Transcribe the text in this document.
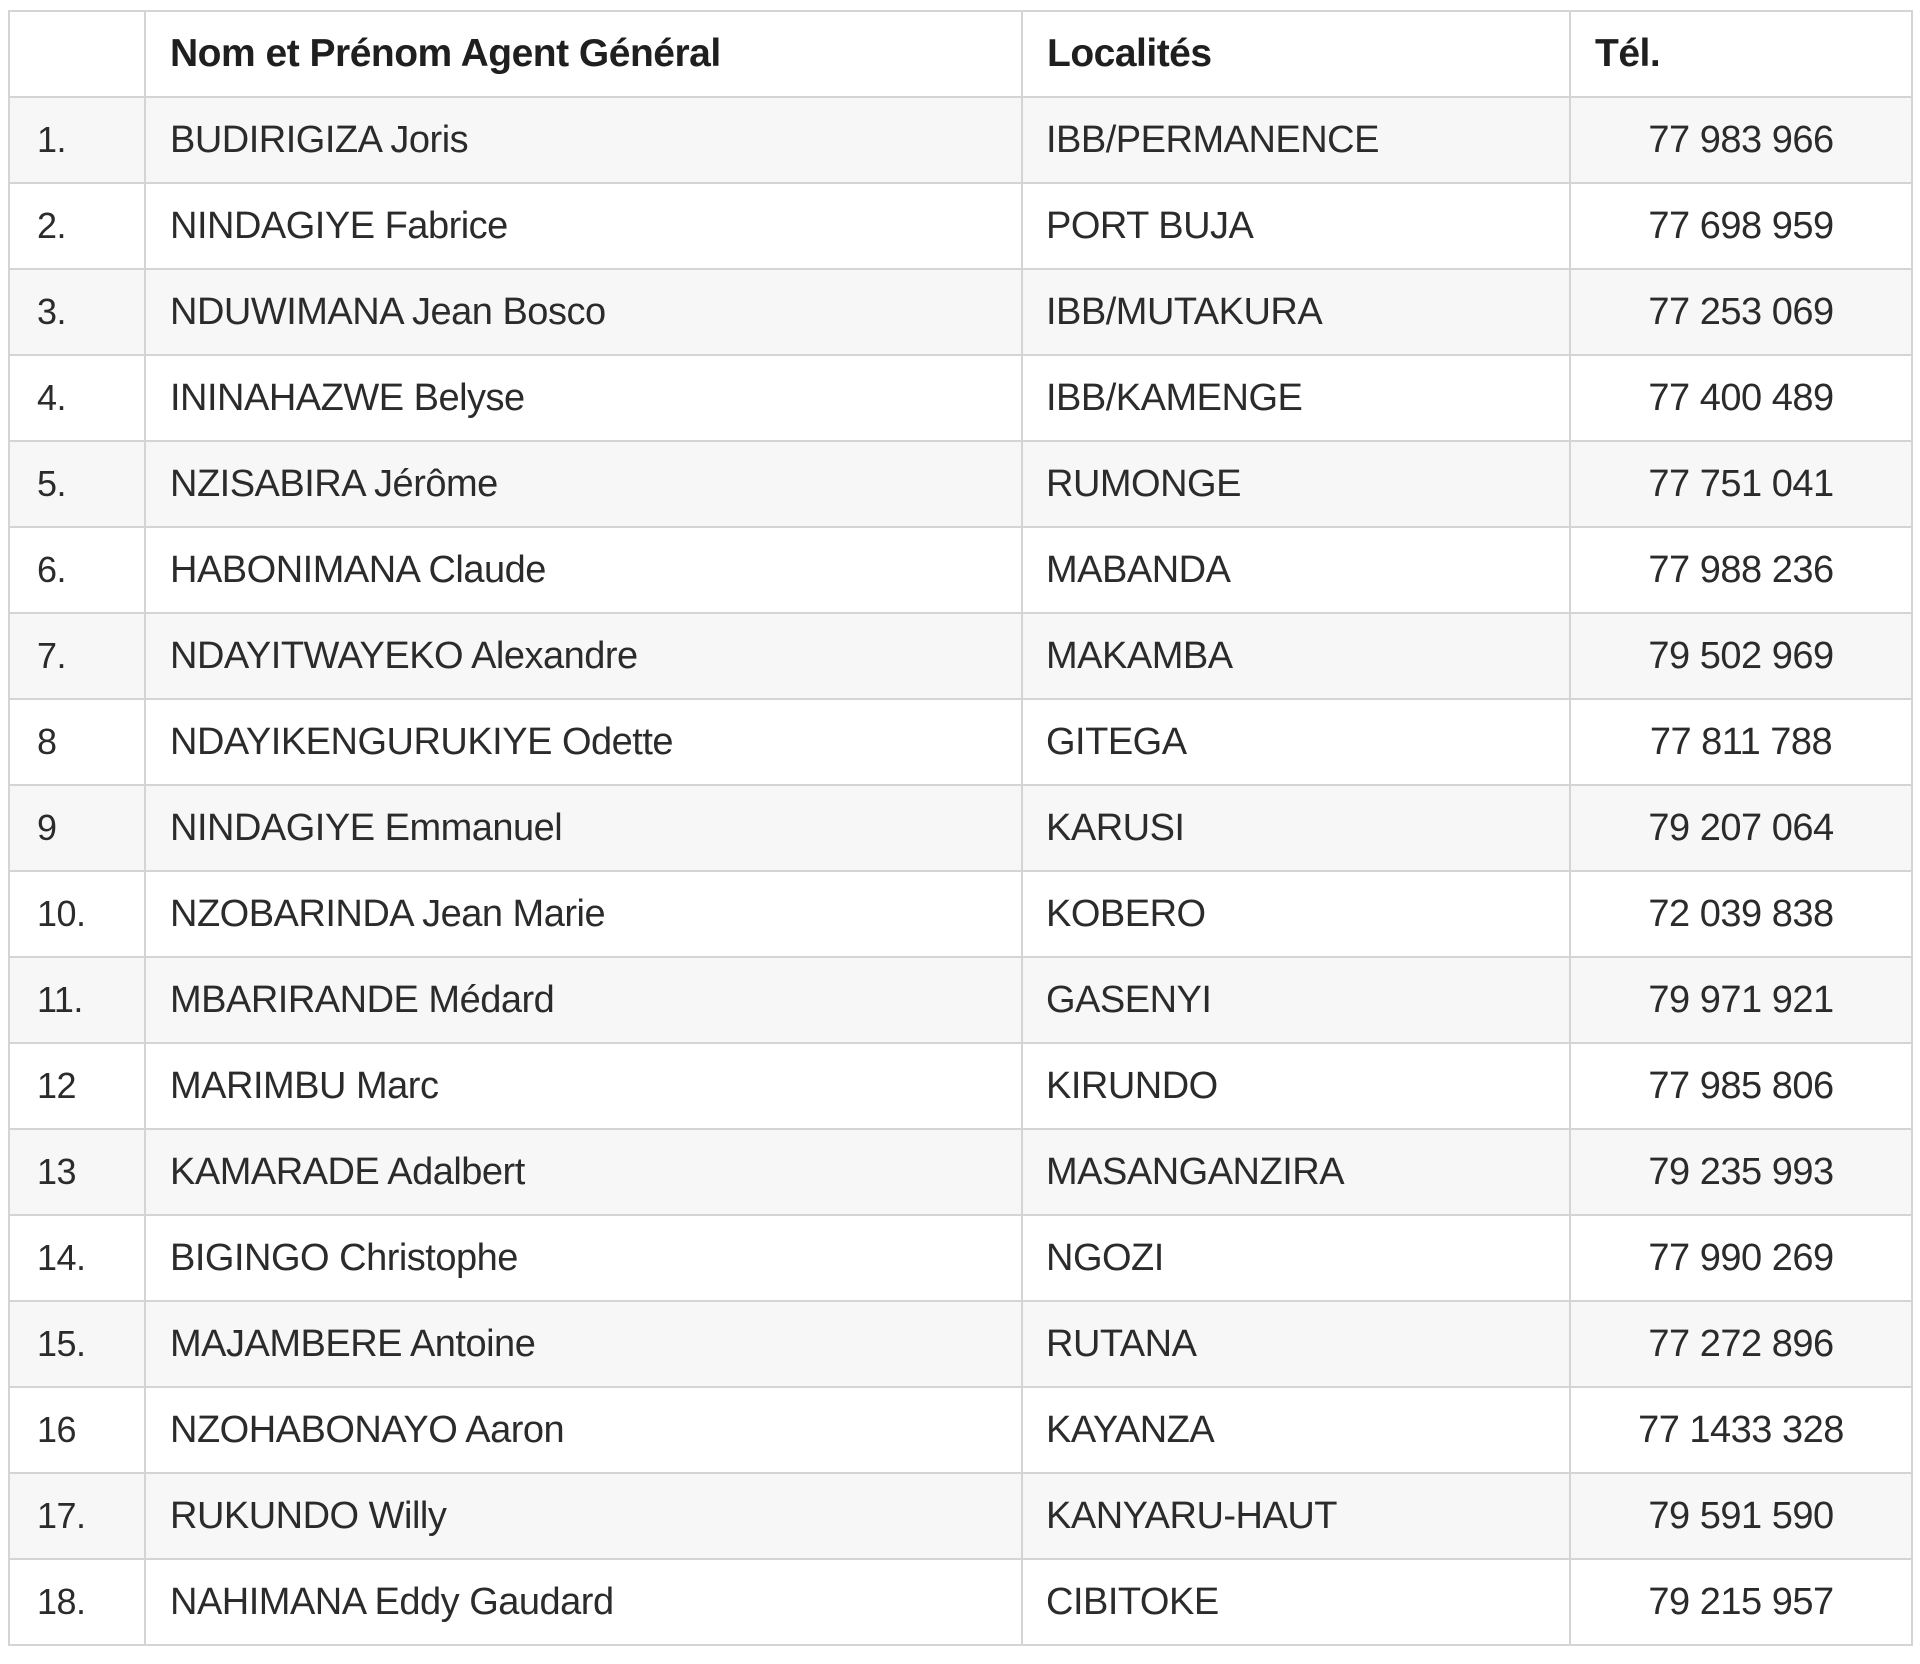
	Nom et Prénom Agent Général	Localités	Tél.
1.	BUDIRIGIZA Joris	IBB/PERMANENCE	77 983 966
2.	NINDAGIYE Fabrice	PORT BUJA	77 698 959
3.	NDUWIMANA Jean Bosco	IBB/MUTAKURA	77 253 069
4.	ININAHAZWE Belyse	IBB/KAMENGE	77 400 489
5.	NZISABIRA Jérôme	RUMONGE	77 751 041
6.	HABONIMANA Claude	MABANDA	77 988 236
7.	NDAYITWAYEKO Alexandre	MAKAMBA	79 502 969
8	NDAYIKENGURUKIYE Odette	GITEGA	77 811 788
9	NINDAGIYE Emmanuel	KARUSI	79 207 064
10.	NZOBARINDA Jean Marie	KOBERO	72 039 838
11.	MBARIRANDE Médard	GASENYI	79 971 921
12	MARIMBU Marc	KIRUNDO	77 985 806
13	KAMARADE Adalbert	MASANGANZIRA	79 235 993
14.	BIGINGO Christophe	NGOZI	77 990 269
15.	MAJAMBERE Antoine	RUTANA	77 272 896
16	NZOHABONAYO Aaron	KAYANZA	77 1433 328
17.	RUKUNDO Willy	KANYARU-HAUT	79 591 590
18.	NAHIMANA Eddy Gaudard	CIBITOKE	79 215 957
